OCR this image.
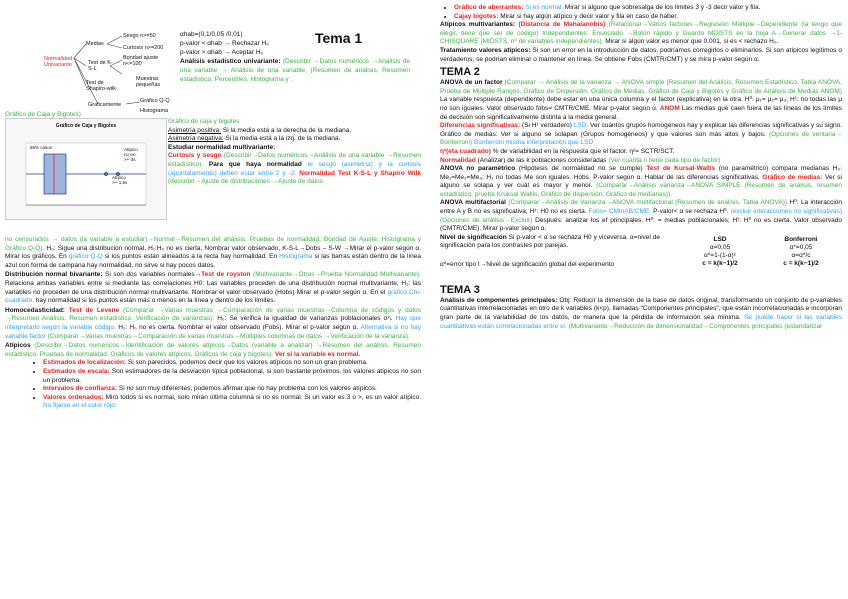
Normalidad
Univariante
Medias
Sesgo n>=50
Curtosis n>=200
Bondad ajuste
n<=100
Test de K-
S-L
Test de
Shapiro-wilk
Muestras
pequeñas
Graficamente
Gráfico Q-Q
Histograma
Gráfico de Caja y Bigotes)
αhab=(0,1/0,05 /0,01)
p-valor < αhab → Rechazar H₀
p-valor > αhab → Aceptar H₀

Análisis estadístico univariante: (Describir →Datos numéricos →Análisis de una variable → Análisis de una variable, (Resumen de análisis, Resumen estadístico. Percentiles, Histograma y .

Tema 1
Gráfico de Caja y Bigotes
85% casos	Atípico
no ex-
>+-3s
Atípico
>+-1,5s
Gráfico de caja y bigotes

Asimetría positiva: Si la media está a la derecha de la mediana.

Asimetría negativa: Si la media está a la izq. de la mediana.

Estudiar normalidad multivariante:

Curtosis y sesgo (Describir→Datos numéricos→Análisis de una variable →Resumen estadístico). Para que haya normalidad el sesgo (asimetría) y la curtosis (apuntalamiento) deben estar entre 2 y -2. Normalidad Test K-S-L y Shapiro Wilk (describir→Ajuste de distribuciones →Ajuste de datos

no censurados → datos (la variable a estudiar)→Normal→Resumen del análisis, Pruebas de normalidad, Bondad de Ajuste, Histograma y Gráfico Q-Q). H₀: Sigue una distribución normal, H₁:H₀ no es cierta. Nombrar valor observado, K-S-L→Dobs – S-W →Mirar el p-valor según α. Mirar los gráficos. En gráfico Q-Q si los puntos están alineados a la recta hay normalidad. En Histograma si las barras están dentro de la línea azul con forma de campana hay normalidad, no sirve si hay pocos datos.

Distribución normal bivariante: Si son dos variables normales→Test de royston (Multivariante→Otros→Prueba Normalidad Multivariante). Relaciona ambas variables entre si mediante las correlaciones H0: Las variables proceden de una distribución normal multivariante, H₁: las variables no proceden de una distribución normal multivariante. Nombrar el valor observado (Hobs) Mirar el p-valor según α. En el gráfico Chi-cuadrado, hay normalidad si los puntos están más o menos en la línea y dentro de los límites.

Homocedasticidad: Test de Levene (Comparar →Varias muestras →Comparación de varias muestras→Columna de códigos y datos →Resumen Análisis, Resumen estadístico, Verificación de varianzas): H₀: Se verifica la igualdad de varianzas poblacionales σ²ᵢ. Hay que interpretarlo según la variable código. H₁: H₀ no es cierta. Nombrar el valor observado (Fobs). Mirar el p-valor según α. Alternativa si no hay variable factor (Comparar→Varias muestras→Comparación de varias muestras→Múltiples columnas de datos →Verificación de la varianza).

Atípicos (Describir→Datos numéricos→Identificación de valores atípicos→Datos (variable a analizar) →Resumen del análisis, Resumen estadístico, Pruebas de normalidad, Gráficos de valores atípicos, Gráficos de caja y bigotes). Ver si la variable es normal.

• Estimados de localización: Si son parecidos, podemos decir que los valores atípicos no son un gran problema.
• Estimados de escala: Son estimadores de la desviación típica poblacional, si son bastante próximos, los valores atípicos no son un problema.
• Intervalos de confianza: Si no son muy diferentes, podemos afirmar que no hay problema con los valores atípicos.
• Valores ordenados: Miro todos si es normal, solo miran última columna si no es normal. Si un valor es 3 o >, es un valor atípico. No fijarse en el color rojo.
• Gráfico de aberrantes: Si es normal. Mirar si alguno que sobresalga de los límites 3 y -3 decir valor y fila.
• Cajay bigotes: Mirar si hay algún atípico y decir valor y fila en caso de haber.

Atípicos multivariantes: (Distancia de Mahalanobis) (Relacionar→Varios factores→Regresión Múltiple→Dependiente (la tengo que elegir, tiene que ser de código) Independientes: Enunciado →Botón rápido y Guardo MDISTS en la hoja A→Generar datos →1-CHISQUARE (MIDSTS, nº de variables independientes). Mirar si algún valor es menor que 0,001, si es < rechazo H₀.

Tratamiento valores atípicos: Si son un error en la introducción de datos, podríamos corregirlos o eliminarlos. Si son atípicos legítimos o verdaderos, se podrían eliminar o mantener en línea. Se obtiene Fobs (CMTR/CMT) y se mira p-valor según α.

TEMA 2

ANOVA de un factor (Comparar → Análisis de la varianza → ANOVA simple (Resumen del Análisis, Resumen Estadístico, Tabla ANOVA, Prueba de Múltiple Rangos, Gráfico de Dispersión, Gráfico de Medias, Gráfico de Caja y Bigotes y Gráfico de Análisis de Medias ANOM) La variable respuesta (dependiente) debe estar en una única columna y el factor (explicativa) en la otra. H⁰: μ₁= μ₂= μ₃; H¹: no todas las μ no son iguales. Valor observado fobs= CMTR/CME. Mirar p-valor según α. ANOM Las medias que caen fuera de las líneas de los límites de decisión son significativamente distinta a la media general.

Diferencias significativas: (Si H¹ verdadero) LSD: Ver cuántos grupos homogéneos hay y explicar las diferencias significativas y su signo. Gráfico de medias: Ver si alguno se solapan (Grupos homogéneos) y que valores son más altos y bajos. (Opciones de ventana→ Bonferroni) Bonferroni misma interpretación que LSD

η²(eta cuadrado) % de variabilidad en la respuesta que el factor. η²= SCTR/SCT.

Normalidad (Analizar) de las k poblaciones consideradas (Ver cuanta n tiene cada tipo de factor)

ANOVA no paramétrico (Hipótesis de normalidad no se cumple) Test de Kursal-Wallis (no paramétrico) compara medianas H₀: Me₁=Me₂=Me₃; H₁ no todas Me son iguales. Hobs. P-valor según α. Hablar de las diferencias significativas. Gráfico de medias: Ver si alguno se solapa y ver cuál es mayor y menor. (Comparar→Análisis varianza→ANOVA SIMPLE (Resumen de análisis, resumen estadístico, prueba Kruksal Wallis, Gráfico de dispersión, Gráfico de medianas)).

ANOVA multifactorial (Comparar→Análisis de Varianza→ANOVA multifactorial (Resumen de análisis, Tabla ANOVA)) H⁰: La interacción entre A y B no es significativa; H¹: H0 no es cierta. Fobs= CMInAB/CME. P-valor< α se rechaza H⁰. (excluir interacciones no significativas) (Opciones de análisis→Excluir) Después: analizar los ef principales. H⁰: = medias poblacionales; H¹: H⁰ no es cierta. Valor observado (CMTR/CME). Mirar p-valor según α.

Nivel de significación Si p-valor < α se rechaza H0 y viceversa. α=nivel de significación para los contrastes por parejas.

α*=error tipo I→Nivel de significación global del experimento

LSD
α=0,05
α*=1-(1-α)ᶜ
c = k(k−1)/2
Bonferroni
α*=0,05
α=α*/c
c = k(k−1)/2
TEMA 3

Análisis de componentes principales: Obj: Reducir la dimensión de la base de datos original, transformando un conjunto de p-variables cuantitativas interrelacionadas en otro de k variables (k<p), llamadas "Componentes principales", que están incorrelacionadas e incorporan gran parte de la variabilidad de los datos, de manera que la pérdida de información sea mínima. Se puede hacer si las variables cuantitativas están correlacionadas entre sí. (Multivariante→Reducción de dimensionalidad→Componentes principales (estandarizar
